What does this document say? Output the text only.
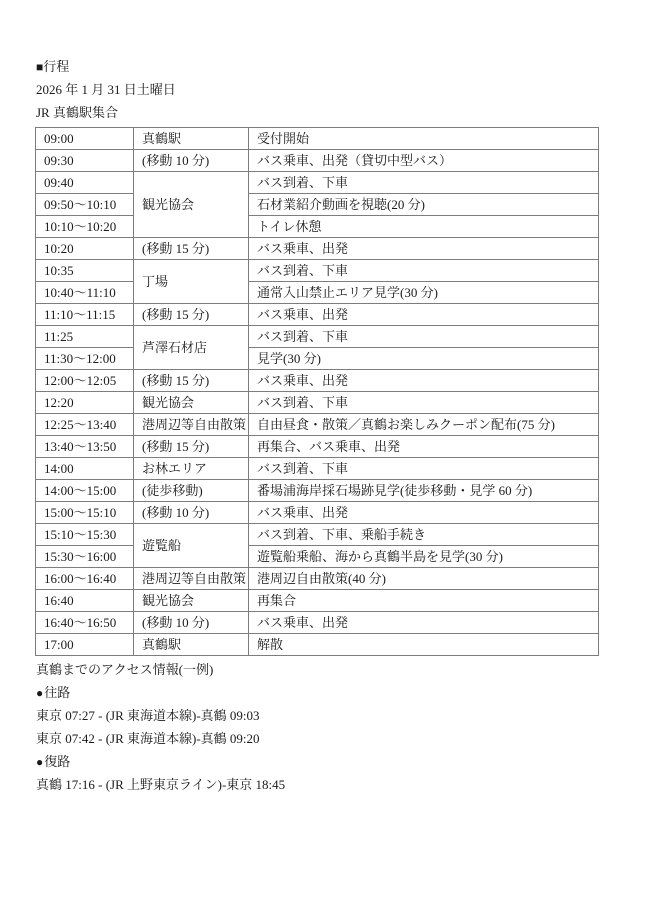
■行程
2026 年 1 月 31 日土曜日
JR 真鶴駅集合
09:00	真鶴駅	受付開始
09:30	(移動 10 分)	バス乗車、出発（貸切中型バス）
09:40	観光協会	バス到着、下車
09:50～10:10		石材業紹介動画を視聴(20 分)
10:10～10:20		トイレ休憩
10:20	(移動 15 分)	バス乗車、出発
10:35	丁場	バス到着、下車
10:40～11:10		通常入山禁止エリア見学(30 分)
11:10～11:15	(移動 15 分)	バス乗車、出発
11:25	芦澤石材店	バス到着、下車
11:30～12:00		見学(30 分)
12:00～12:05	(移動 15 分)	バス乗車、出発
12:20	観光協会	バス到着、下車
12:25～13:40	港周辺等自由散策	自由昼食・散策／真鶴お楽しみクーポン配布(75 分)
13:40～13:50	(移動 15 分)	再集合、バス乗車、出発
14:00	お林エリア	バス到着、下車
14:00～15:00	(徒歩移動)	番場浦海岸採石場跡見学(徒歩移動・見学 60 分)
15:00～15:10	(移動 10 分)	バス乗車、出発
15:10～15:30	遊覧船	バス到着、下車、乗船手続き
15:30～16:00		遊覧船乗船、海から真鶴半島を見学(30 分)
16:00～16:40	港周辺等自由散策	港周辺自由散策(40 分)
16:40	観光協会	再集合
16:40～16:50	(移動 10 分)	バス乗車、出発
17:00	真鶴駅	解散
真鶴までのアクセス情報(一例)
●往路
東京 07:27 - (JR 東海道本線)-真鶴 09:03
東京 07:42 - (JR 東海道本線)-真鶴 09:20
●復路
真鶴 17:16 - (JR 上野東京ライン)-東京 18:45
